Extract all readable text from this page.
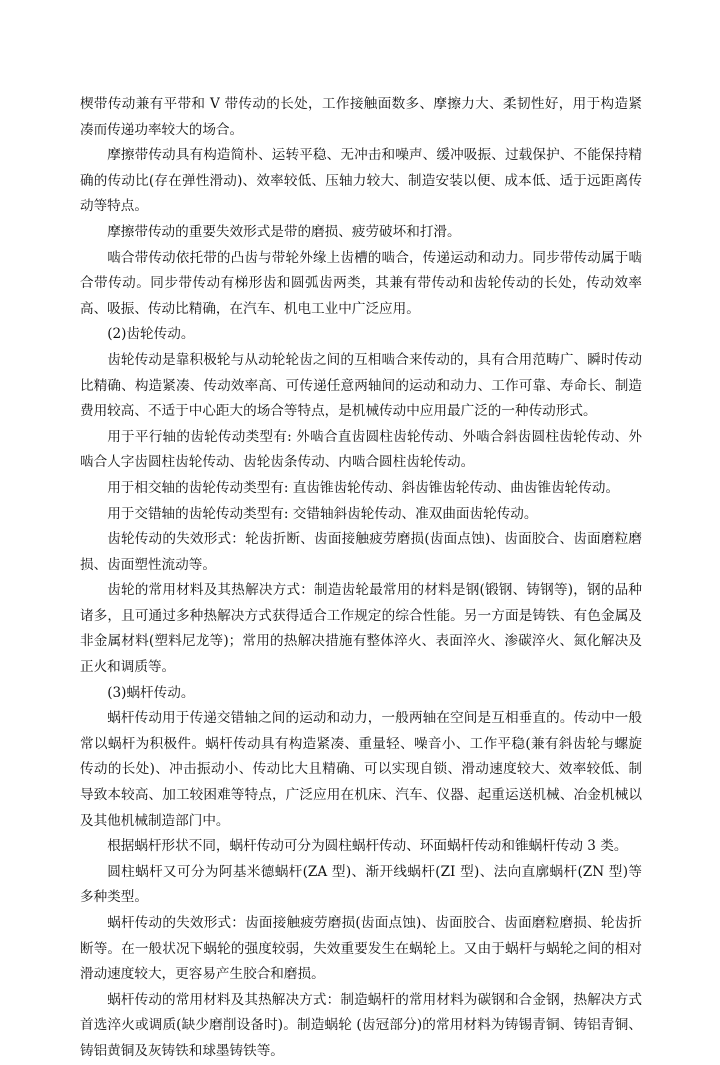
楔带传动兼有平带和 V 带传动的长处，工作接触面数多、摩擦力大、柔韧性好，用于构造紧凑而传递功率较大的场合。

摩擦带传动具有构造简朴、运转平稳、无冲击和噪声、缓冲吸振、过载保护、不能保持精确的传动比(存在弹性滑动)、效率较低、压轴力较大、制造安装以便、成本低、适于远距离传动等特点。

摩擦带传动的重要失效形式是带的磨损、疲劳破坏和打滑。

啮合带传动依托带的凸齿与带轮外缘上齿槽的啮合，传递运动和动力。同步带传动属于啮合带传动。同步带传动有梯形齿和圆弧齿两类，其兼有带传动和齿轮传动的长处，传动效率高、吸振、传动比精确，在汽车、机电工业中广泛应用。

(2)齿轮传动。

齿轮传动是靠积极轮与从动轮轮齿之间的互相啮合来传动的，具有合用范畴广、瞬时传动比精确、构造紧凑、传动效率高、可传递任意两轴间的运动和动力、工作可靠、寿命长、制造费用较高、不适于中心距大的场合等特点，是机械传动中应用最广泛的一种传动形式。

用于平行轴的齿轮传动类型有: 外啮合直齿圆柱齿轮传动、外啮合斜齿圆柱齿轮传动、外啮合人字齿圆柱齿轮传动、齿轮齿条传动、内啮合圆柱齿轮传动。

用于相交轴的齿轮传动类型有: 直齿锥齿轮传动、斜齿锥齿轮传动、曲齿锥齿轮传动。

用于交错轴的齿轮传动类型有: 交错轴斜齿轮传动、准双曲面齿轮传动。

齿轮传动的失效形式：轮齿折断、齿面接触疲劳磨损(齿面点蚀)、齿面胶合、齿面磨粒磨损、齿面塑性流动等。

齿轮的常用材料及其热解决方式：制造齿轮最常用的材料是钢(锻钢、铸钢等)，钢的品种诸多，且可通过多种热解决方式获得适合工作规定的综合性能。另一方面是铸铁、有色金属及非金属材料(塑料尼龙等)；常用的热解决措施有整体淬火、表面淬火、渗碳淬火、氮化解决及正火和调质等。

(3)蜗杆传动。

蜗杆传动用于传递交错轴之间的运动和动力，一般两轴在空间是互相垂直的。传动中一般常以蜗杆为积极件。蜗杆传动具有构造紧凑、重量轻、噪音小、工作平稳(兼有斜齿轮与螺旋传动的长处)、冲击振动小、传动比大且精确、可以实现自锁、滑动速度较大、效率较低、制导致本较高、加工较困难等特点，广泛应用在机床、汽车、仪器、起重运送机械、冶金机械以及其他机械制造部门中。

根据蜗杆形状不同，蜗杆传动可分为圆柱蜗杆传动、环面蜗杆传动和锥蜗杆传动 3 类。

圆柱蜗杆又可分为阿基米德蜗杆(ZA 型)、渐开线蜗杆(ZI 型)、法向直廓蜗杆(ZN 型)等多种类型。

蜗杆传动的失效形式：齿面接触疲劳磨损(齿面点蚀)、齿面胶合、齿面磨粒磨损、轮齿折断等。在一般状况下蜗轮的强度较弱，失效重要发生在蜗轮上。又由于蜗杆与蜗轮之间的相对滑动速度较大，更容易产生胶合和磨损。

蜗杆传动的常用材料及其热解决方式：制造蜗杆的常用材料为碳钢和合金钢，热解决方式首选淬火或调质(缺少磨削设备时)。制造蜗轮 (齿冠部分)的常用材料为铸锡青铜、铸铝青铜、铸铝黄铜及灰铸铁和球墨铸铁等。
